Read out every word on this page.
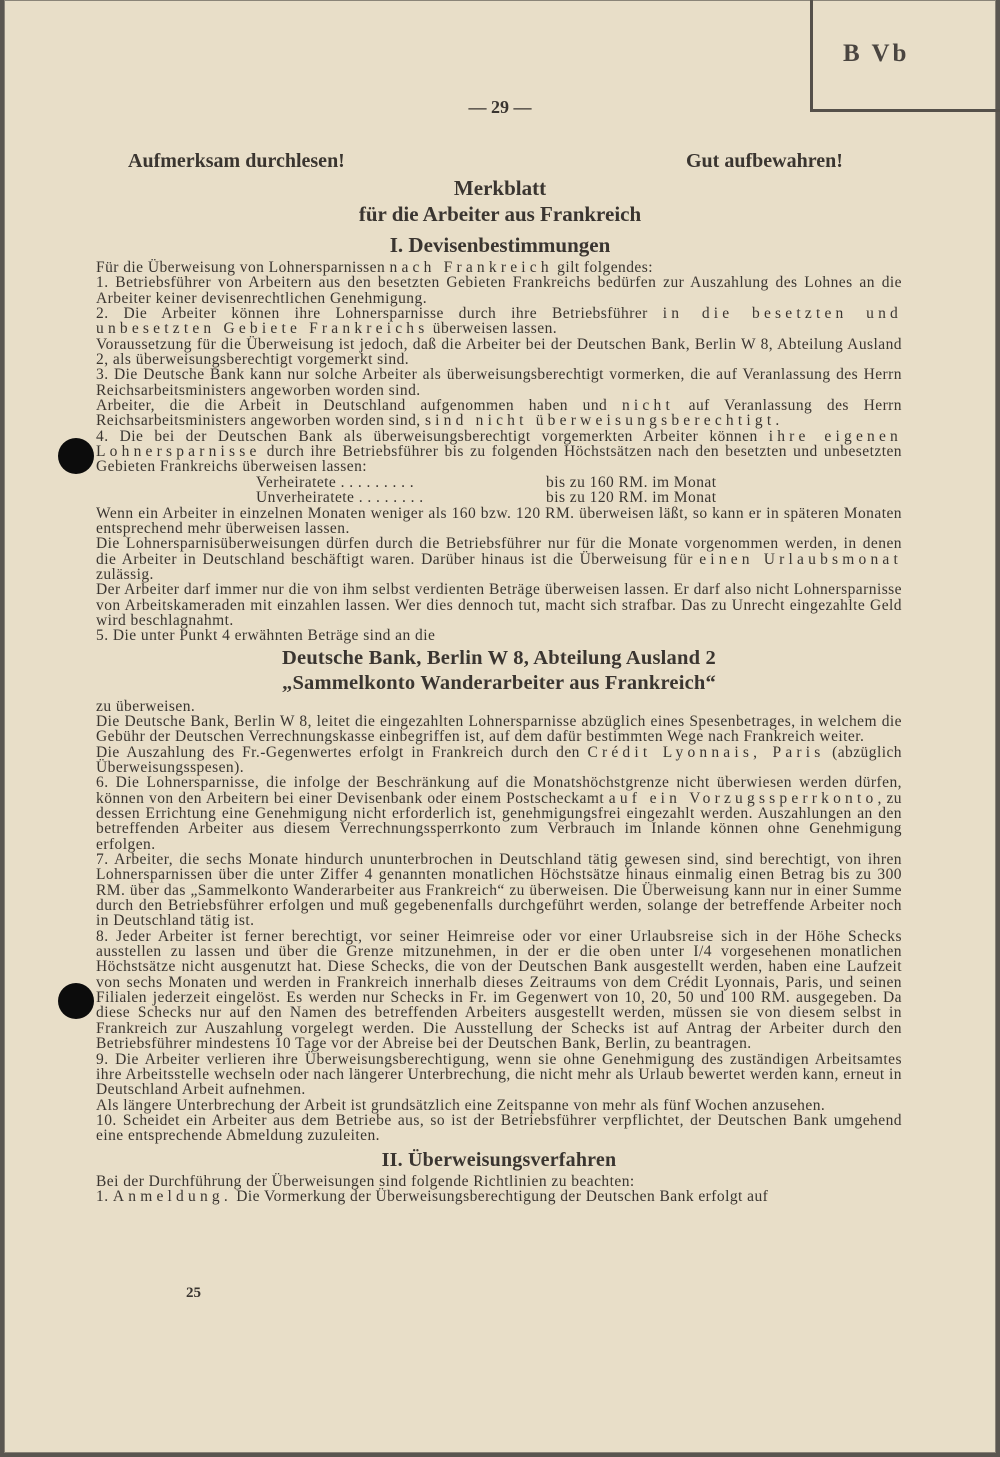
B Vb
— 29 —
Aufmerksam durchlesen!	Gut aufbewahren!
Merkblatt
für die Arbeiter aus Frankreich
I. Devisenbestimmungen

Für die Überweisung von Lohnersparnissen nach Frankreich gilt folgendes:

1. Betriebsführer von Arbeitern aus den besetzten Gebieten Frankreichs bedürfen zur Auszahlung des Lohnes an die Arbeiter keiner devisenrechtlichen Genehmigung.

2. Die Arbeiter können ihre Lohnersparnisse durch ihre Betriebsführer in die besetzten und unbesetzten Gebiete Frankreichs überweisen lassen.

Voraussetzung für die Überweisung ist jedoch, daß die Arbeiter bei der Deutschen Bank, Berlin W 8, Abteilung Ausland 2, als überweisungsberechtigt vorgemerkt sind.

3. Die Deutsche Bank kann nur solche Arbeiter als überweisungsberechtigt vormerken, die auf Veranlassung des Herrn Reichsarbeitsministers angeworben worden sind.

Arbeiter, die die Arbeit in Deutschland aufgenommen haben und nicht auf Veranlassung des Herrn Reichsarbeitsministers angeworben worden sind, sind nicht überweisungsberechtigt.

4. Die bei der Deutschen Bank als überweisungsberechtigt vorgemerkten Arbeiter können ihre eigenen Lohnersparnisse durch ihre Betriebsführer bis zu folgenden Höchstsätzen nach den besetzten und unbesetzten Gebieten Frankreichs überweisen lassen:

Verheiratete . . . . . . . . .	bis zu 160 RM. im Monat
Unverheiratete . . . . . . . .	bis zu 120 RM. im Monat

Wenn ein Arbeiter in einzelnen Monaten weniger als 160 bzw. 120 RM. überweisen läßt, so kann er in späteren Monaten entsprechend mehr überweisen lassen.

Die Lohnersparnisüberweisungen dürfen durch die Betriebsführer nur für die Monate vorgenommen werden, in denen die Arbeiter in Deutschland beschäftigt waren. Darüber hinaus ist die Überweisung für einen Urlaubsmonat zulässig.

Der Arbeiter darf immer nur die von ihm selbst verdienten Beträge überweisen lassen. Er darf also nicht Lohnersparnisse von Arbeitskameraden mit einzahlen lassen. Wer dies dennoch tut, macht sich strafbar. Das zu Unrecht eingezahlte Geld wird beschlagnahmt.

5. Die unter Punkt 4 erwähnten Beträge sind an die

Deutsche Bank, Berlin W 8, Abteilung Ausland 2
„Sammelkonto Wanderarbeiter aus Frankreich“

zu überweisen.

Die Deutsche Bank, Berlin W 8, leitet die eingezahlten Lohnersparnisse abzüglich eines Spesenbetrages, in welchem die Gebühr der Deutschen Verrechnungskasse einbegriffen ist, auf dem dafür bestimmten Wege nach Frankreich weiter.

Die Auszahlung des Fr.-Gegenwertes erfolgt in Frankreich durch den Crédit Lyonnais, Paris (abzüglich Überweisungsspesen).

6. Die Lohnersparnisse, die infolge der Beschränkung auf die Monatshöchstgrenze nicht überwiesen werden dürfen, können von den Arbeitern bei einer Devisenbank oder einem Postscheckamt auf ein Vorzugssperrkonto, zu dessen Errichtung eine Genehmigung nicht erforderlich ist, genehmigungsfrei eingezahlt werden. Auszahlungen an den betreffenden Arbeiter aus diesem Verrechnungssperrkonto zum Verbrauch im Inlande können ohne Genehmigung erfolgen.

7. Arbeiter, die sechs Monate hindurch ununterbrochen in Deutschland tätig gewesen sind, sind berechtigt, von ihren Lohnersparnissen über die unter Ziffer 4 genannten monatlichen Höchstsätze hinaus einmalig einen Betrag bis zu 300 RM. über das „Sammelkonto Wanderarbeiter aus Frankreich“ zu überweisen. Die Überweisung kann nur in einer Summe durch den Betriebsführer erfolgen und muß gegebenenfalls durchgeführt werden, solange der betreffende Arbeiter noch in Deutschland tätig ist.

8. Jeder Arbeiter ist ferner berechtigt, vor seiner Heimreise oder vor einer Urlaubsreise sich in der Höhe Schecks ausstellen zu lassen und über die Grenze mitzunehmen, in der er die oben unter I/4 vorgesehenen monatlichen Höchstsätze nicht ausgenutzt hat. Diese Schecks, die von der Deutschen Bank ausgestellt werden, haben eine Laufzeit von sechs Monaten und werden in Frankreich innerhalb dieses Zeitraums von dem Crédit Lyonnais, Paris, und seinen Filialen jederzeit eingelöst. Es werden nur Schecks in Fr. im Gegenwert von 10, 20, 50 und 100 RM. ausgegeben. Da diese Schecks nur auf den Namen des betreffenden Arbeiters ausgestellt werden, müssen sie von diesem selbst in Frankreich zur Auszahlung vorgelegt werden. Die Ausstellung der Schecks ist auf Antrag der Arbeiter durch den Betriebsführer mindestens 10 Tage vor der Abreise bei der Deutschen Bank, Berlin, zu beantragen.

9. Die Arbeiter verlieren ihre Überweisungsberechtigung, wenn sie ohne Genehmigung des zuständigen Arbeitsamtes ihre Arbeitsstelle wechseln oder nach längerer Unterbrechung, die nicht mehr als Urlaub bewertet werden kann, erneut in Deutschland Arbeit aufnehmen.

Als längere Unterbrechung der Arbeit ist grundsätzlich eine Zeitspanne von mehr als fünf Wochen anzusehen.

10. Scheidet ein Arbeiter aus dem Betriebe aus, so ist der Betriebsführer verpflichtet, der Deutschen Bank umgehend eine entsprechende Abmeldung zuzuleiten.

II. Überweisungsverfahren

Bei der Durchführung der Überweisungen sind folgende Richtlinien zu beachten:

1. Anmeldung. Die Vormerkung der Überweisungsberechtigung der Deutschen Bank erfolgt auf

25
